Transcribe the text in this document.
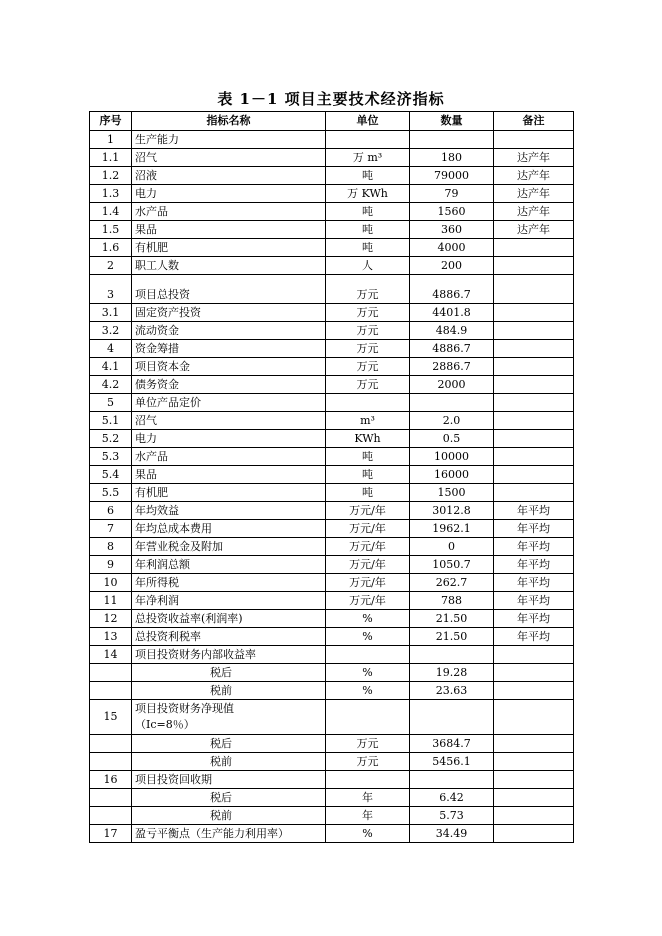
表 1－1 项目主要技术经济指标
序号	指标名称	单位	数量	备注
1	生产能力			
1.1	沼气	万 m³	180	达产年
1.2	沼液	吨	79000	达产年
1.3	电力	万 KWh	79	达产年
1.4	水产品	吨	1560	达产年
1.5	果品	吨	360	达产年
1.6	有机肥	吨	4000	
2	职工人数	人	200	
3	项目总投资	万元	4886.7	
3.1	固定资产投资	万元	4401.8	
3.2	流动资金	万元	484.9	
4	资金筹措	万元	4886.7	
4.1	项目资本金	万元	2886.7	
4.2	债务资金	万元	2000	
5	单位产品定价			
5.1	沼气	m³	2.0	
5.2	电力	KWh	0.5	
5.3	水产品	吨	10000	
5.4	果品	吨	16000	
5.5	有机肥	吨	1500	
6	年均效益	万元/年	3012.8	年平均
7	年均总成本费用	万元/年	1962.1	年平均
8	年营业税金及附加	万元/年	0	年平均
9	年利润总额	万元/年	1050.7	年平均
10	年所得税	万元/年	262.7	年平均
11	年净利润	万元/年	788	年平均
12	总投资收益率(利润率)	%	21.50	年平均
13	总投资利税率	%	21.50	年平均
14	项目投资财务内部收益率			
	税后	%	19.28	
	税前	%	23.63	
15	项目投资财务净现值
（Ic=8％）			

	税后	万元	3684.7	
	税前	万元	5456.1	
16	项目投资回收期			
	税后	年	6.42	
	税前	年	5.73	
17	盈亏平衡点（生产能力利用率）	%	34.49	
